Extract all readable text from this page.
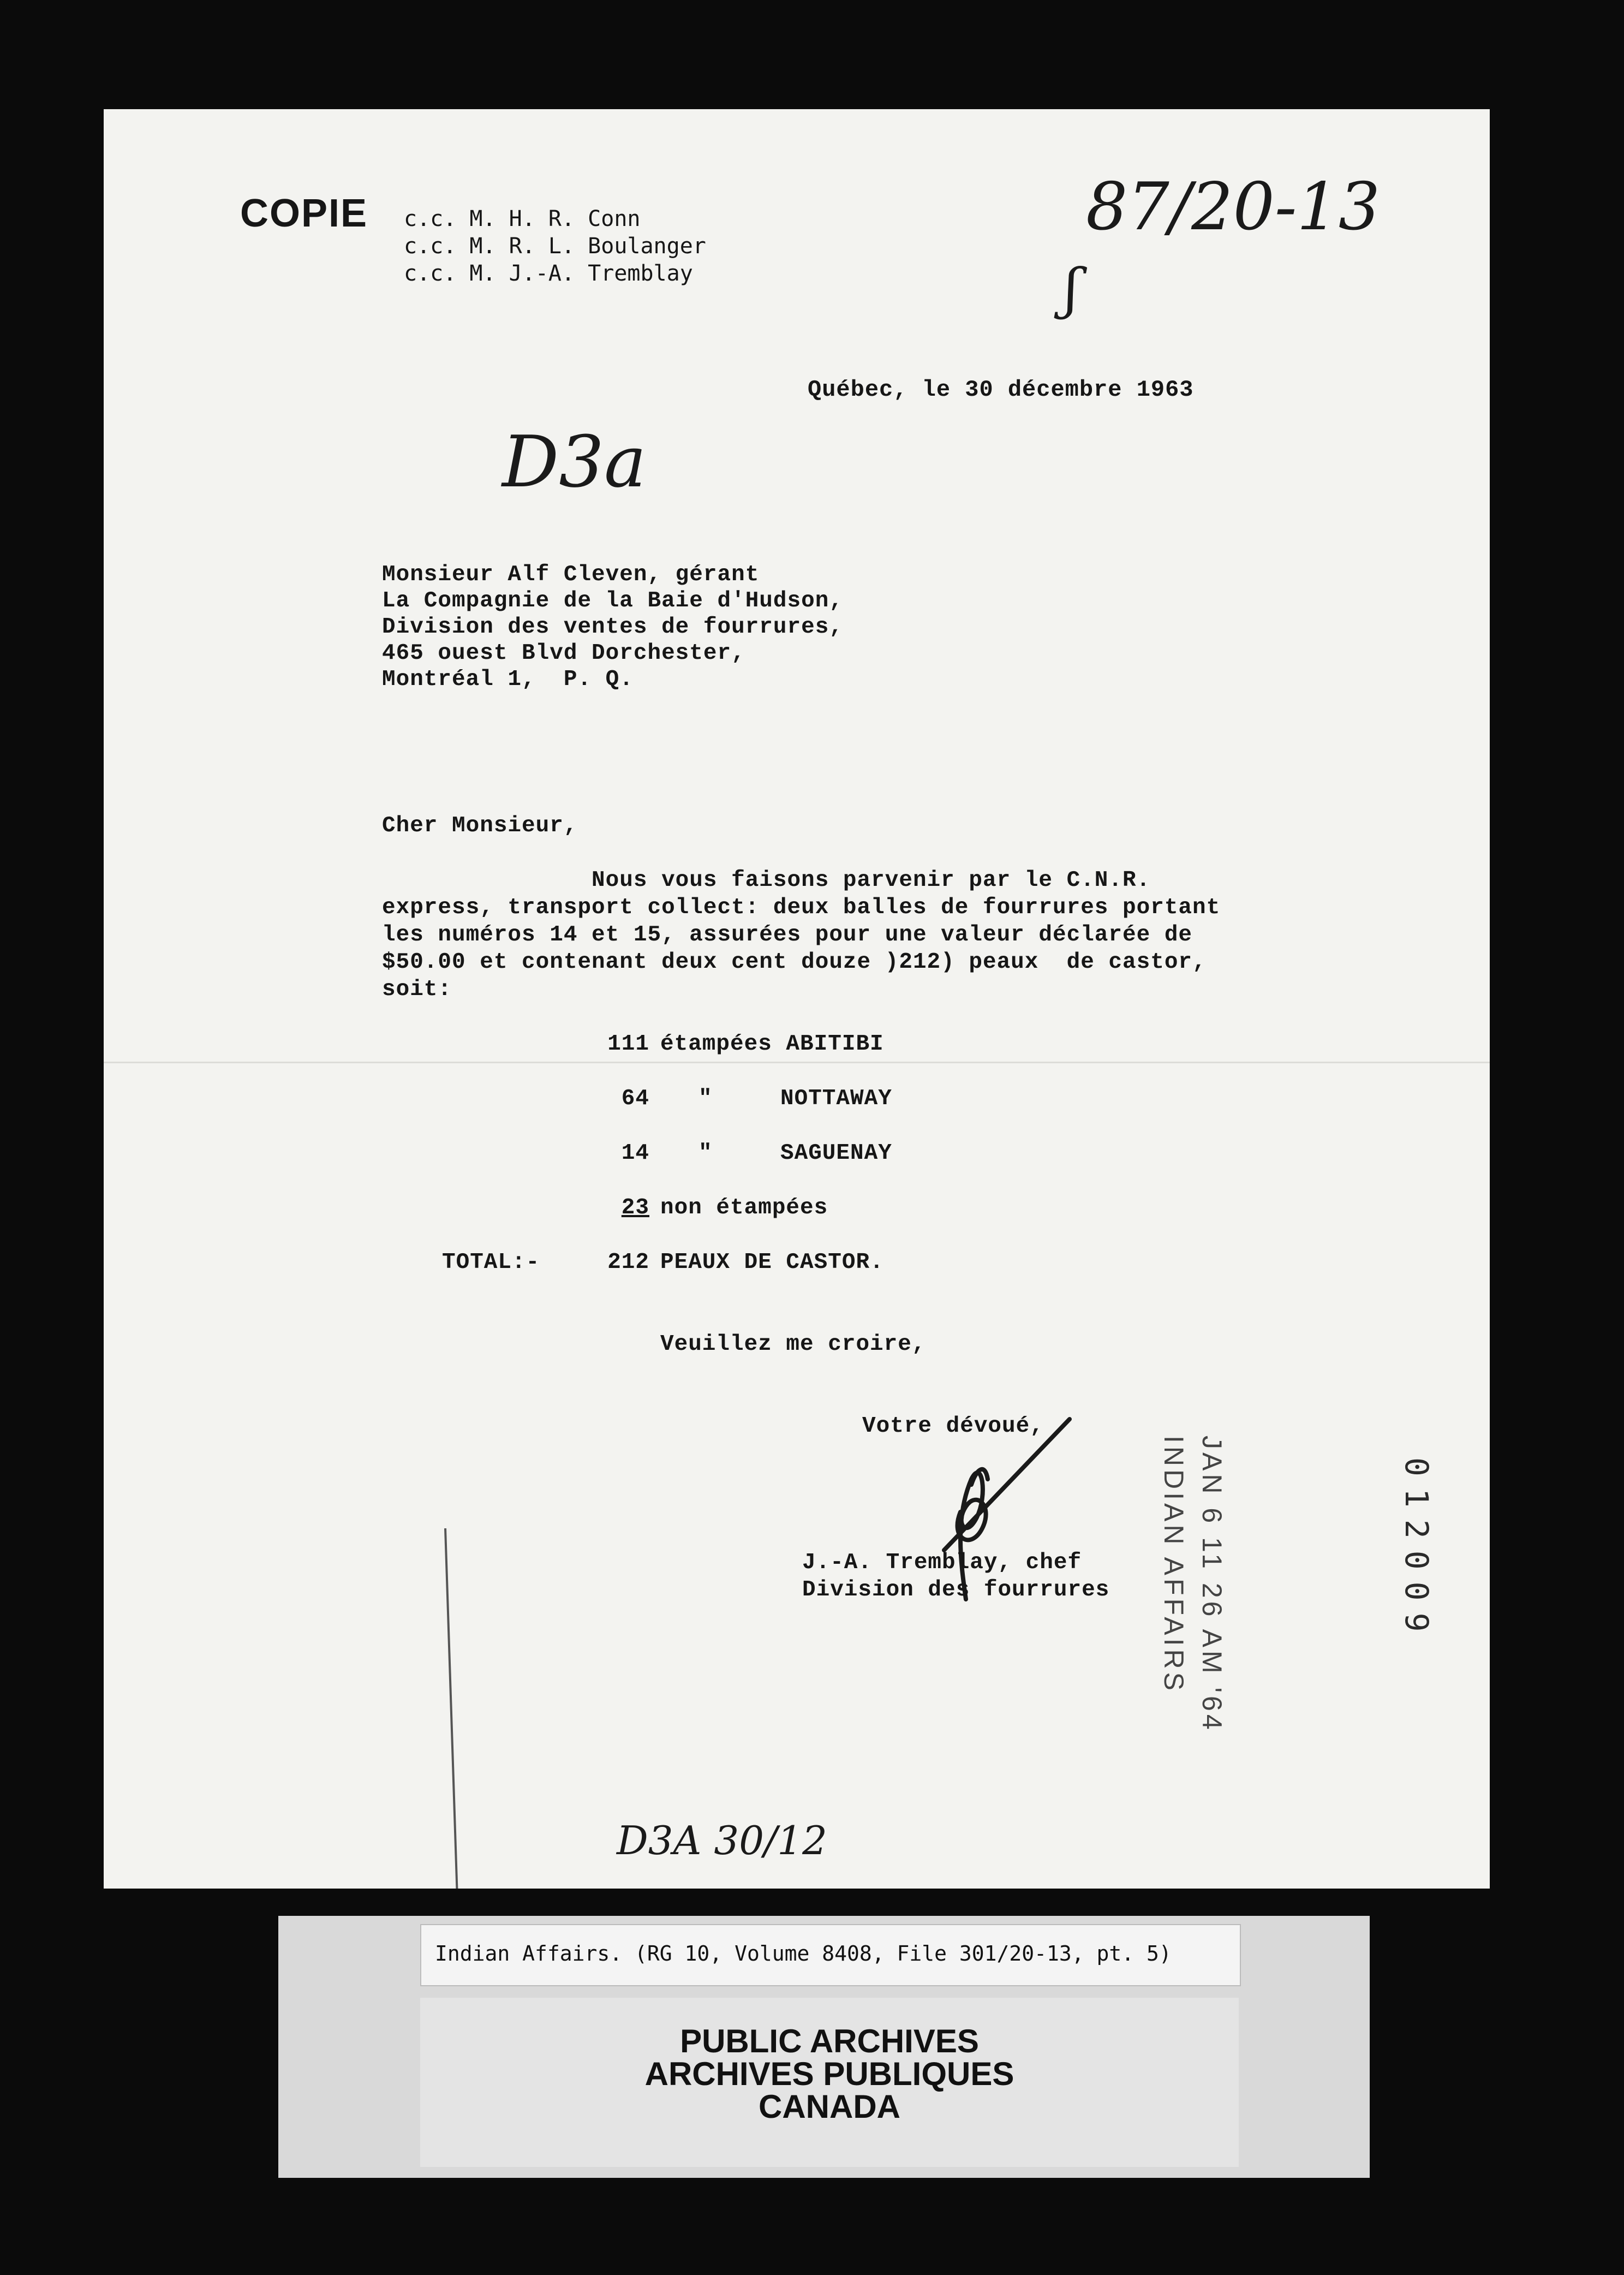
COPIE c.c. M. H. R. Conn
c.c. M. R. L. Boulanger
c.c. M. J.-A. Tremblay
87/20-13
ʃ
Québec, le 30 décembre 1963
D3a
Monsieur Alf Cleven, gérant
La Compagnie de la Baie d'Hudson,
Division des ventes de fourrures,
465 ouest Blvd Dorchester,
Montréal 1,  P. Q.
Cher Monsieur,
Nous vous faisons parvenir par le C.N.R.
express, transport collect: deux balles de fourrures portant
les numéros 14 et 15, assurées pour une valeur déclarée de
$50.00 et contenant deux cent douze )212) peaux  de castor,
soit:
111 étampées ABITIBI
64 "	NOTTAWAY
14 "	SAGUENAY
23 non étampées
TOTAL:-	212 PEAUX DE CASTOR.
Veuillez me croire,
Votre dévoué,
J.-A. Tremblay, chef
Division des fourrures	JAN 6 11 26 AM '64
INDIAN AFFAIRS	012009
D3A 30/12
Indian Affairs. (RG 10, Volume 8408, File 301/20-13, pt. 5)
PUBLIC ARCHIVES
ARCHIVES PUBLIQUES
CANADA
